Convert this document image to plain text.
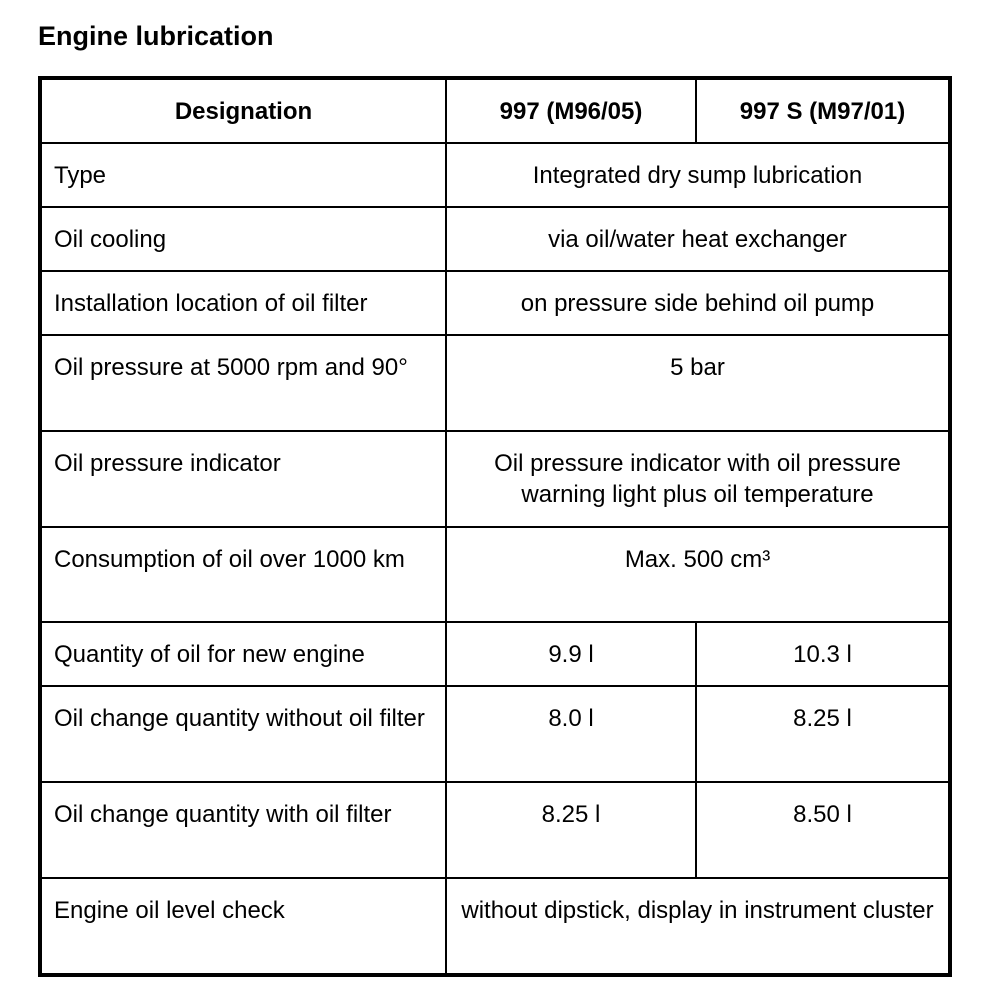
Engine lubrication
Designation	997 (M96/05)	997 S (M97/01)
Type	Integrated dry sump lubrication	
Oil cooling	via oil/water heat exchanger	
Installation location of oil filter	on pressure side behind oil pump	
Oil pressure at 5000 rpm and 90°	5 bar	
Oil pressure indicator	Oil pressure indicator with oil pressure warning light plus oil temperature	
Consumption of oil over 1000 km	Max. 500 cm³	
Quantity of oil for new engine	9.9 l	10.3 l
Oil change quantity without oil filter	8.0 l	8.25 l
Oil change quantity with oil filter	8.25 l	8.50 l
Engine oil level check	without dipstick, display in instrument cluster	
